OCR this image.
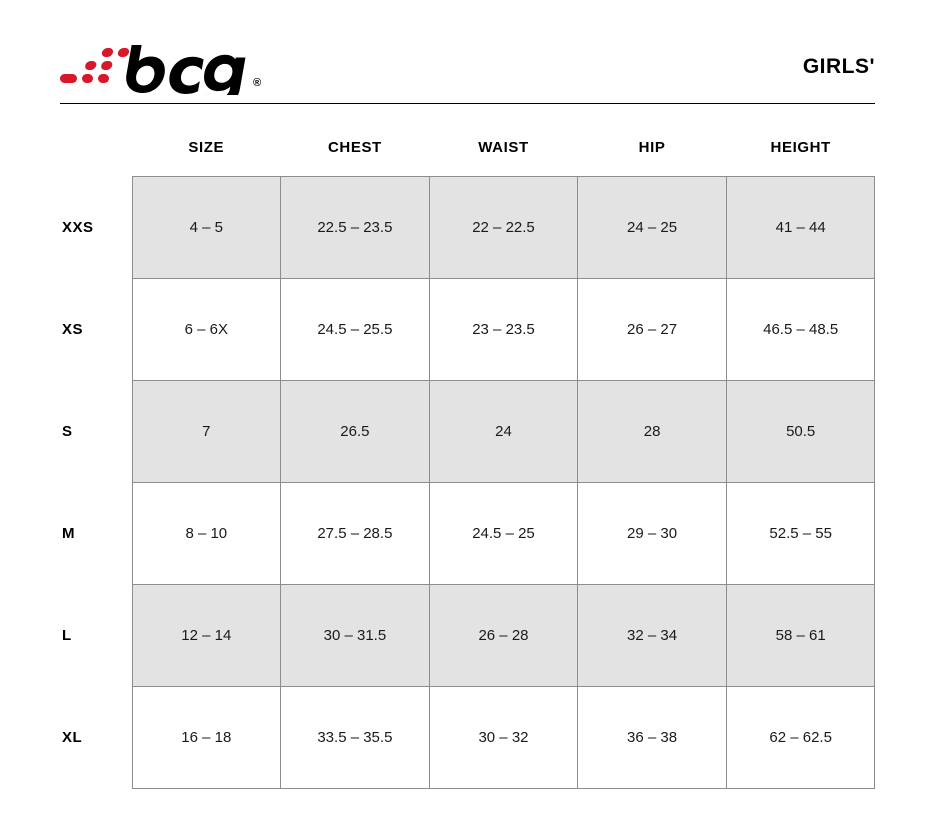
®
GIRLS'
	SIZE	CHEST	WAIST	HIP	HEIGHT
XXS	4 – 5	22.5 – 23.5	22 – 22.5	24 – 25	41 – 44
XS	6 – 6X	24.5 – 25.5	23 – 23.5	26 – 27	46.5 – 48.5
S	7	26.5	24	28	50.5
M	8 – 10	27.5 – 28.5	24.5 – 25	29 – 30	52.5 – 55
L	12 – 14	30 – 31.5	26 – 28	32 – 34	58 – 61
XL	16 – 18	33.5 – 35.5	30 – 32	36 – 38	62 – 62.5
